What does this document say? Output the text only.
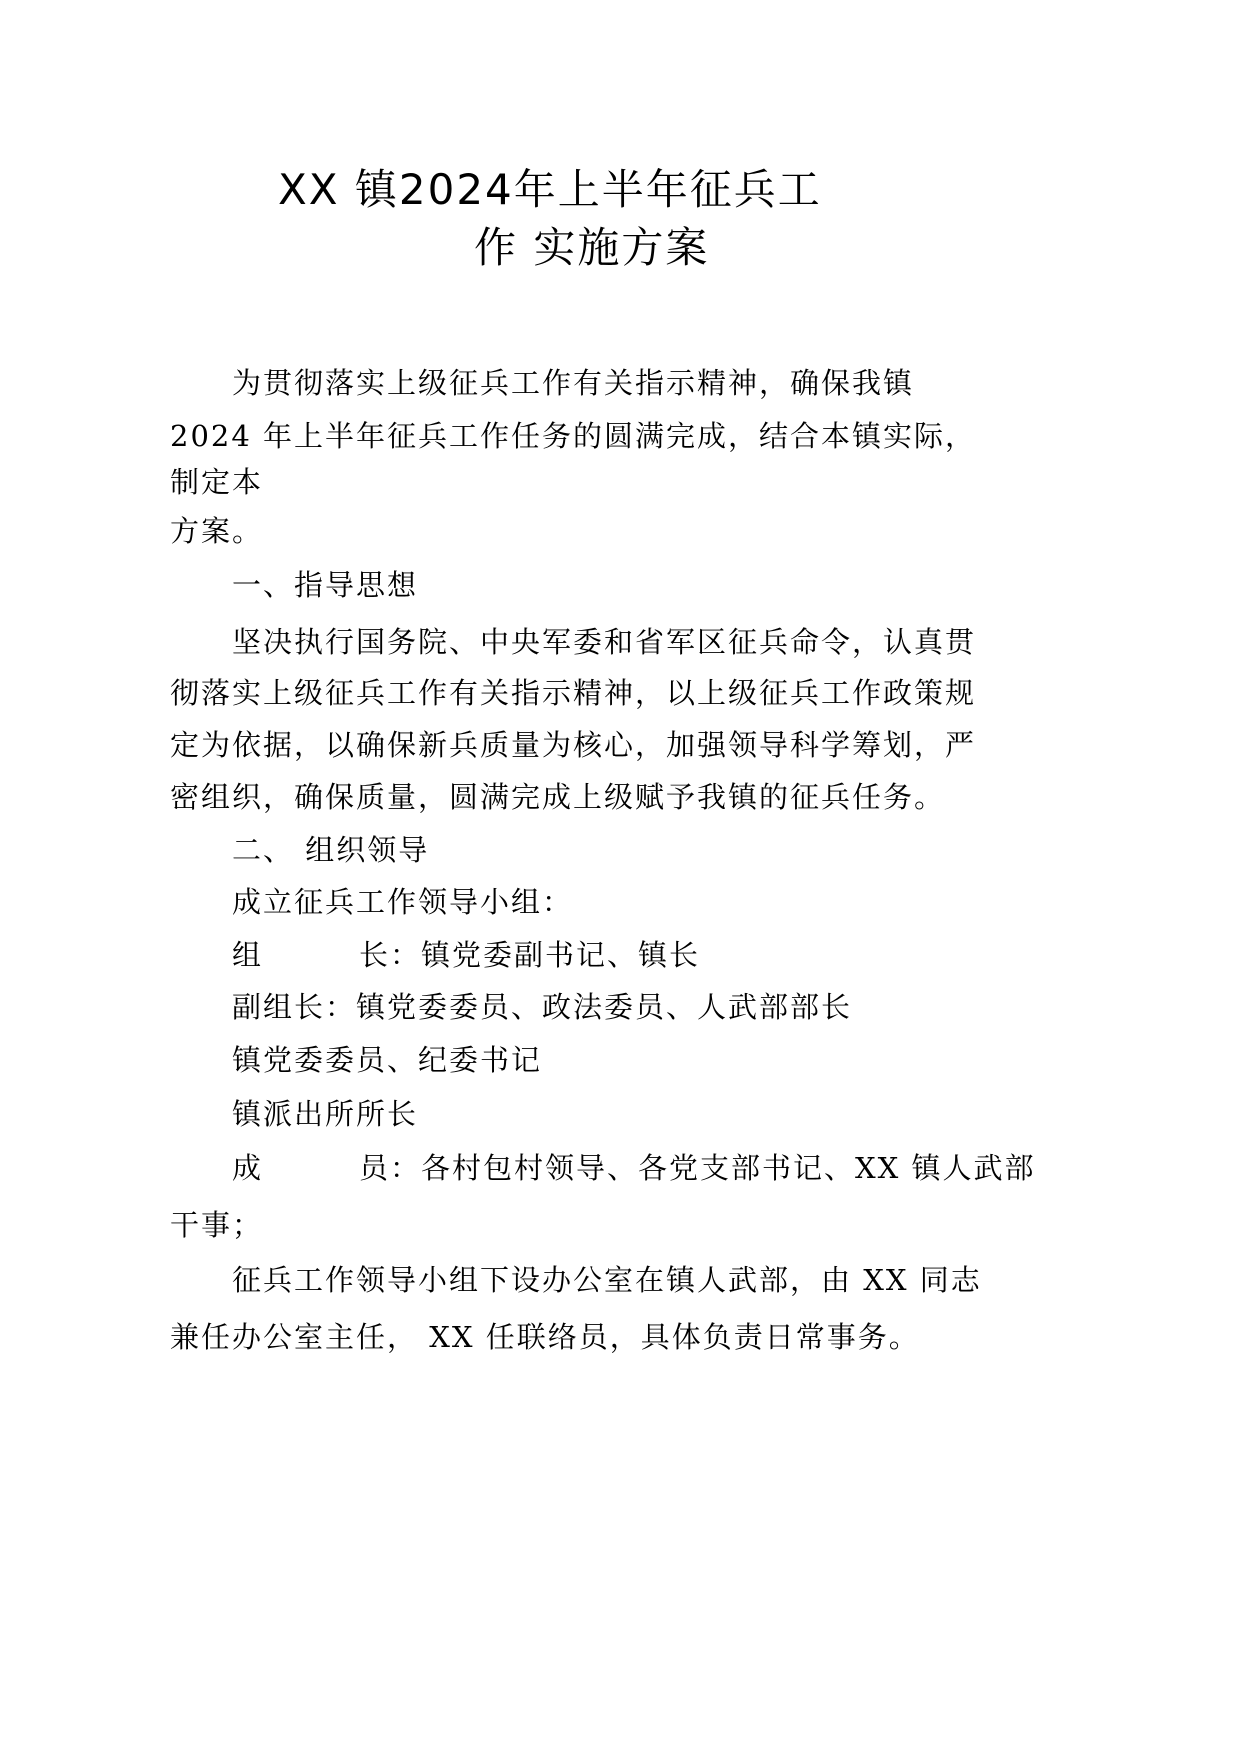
XX 镇2024年上半年征兵工
作 实施方案

为贯彻落实上级征兵工作有关指示精神，确保我镇

2024 年上半年征兵工作任务的圆满完成，结合本镇实际，

制定本

方案。

一、指导思想

坚决执行国务院、中央军委和省军区征兵命令，认真贯

彻落实上级征兵工作有关指示精神，以上级征兵工作政策规

定为依据，以确保新兵质量为核心，加强领导科学筹划，严

密组织，确保质量，圆满完成上级赋予我镇的征兵任务。

二、 组织领导

成立征兵工作领导小组：

组	长：镇党委副书记、镇长

副组长：镇党委委员、政法委员、人武部部长

镇党委委员、纪委书记

镇派出所所长

成	员：各村包村领导、各党支部书记、XX 镇人武部

干事；

征兵工作领导小组下设办公室在镇人武部，由 XX 同志

兼任办公室主任， XX 任联络员，具体负责日常事务。
